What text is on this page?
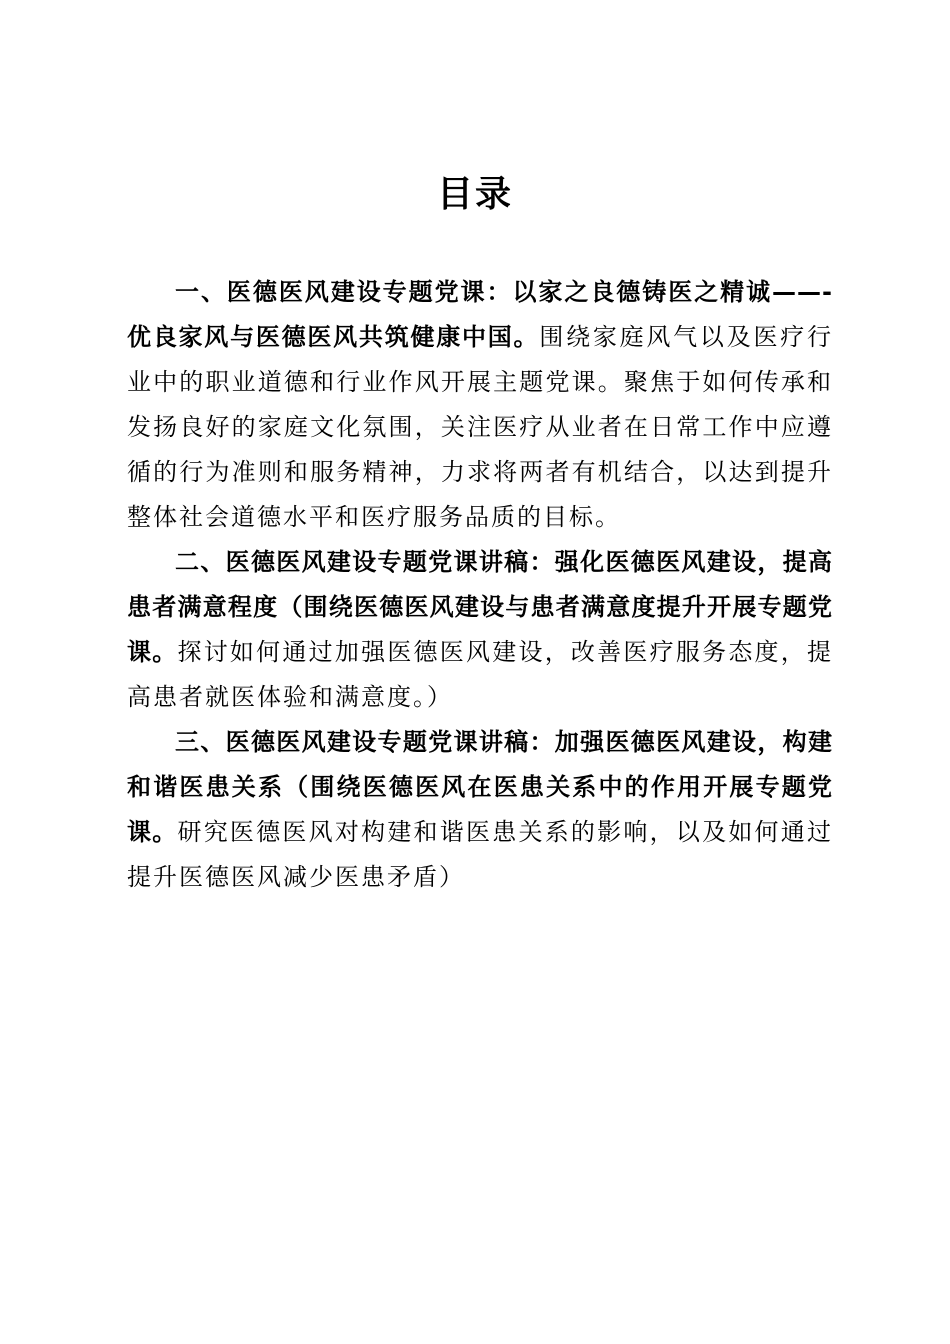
目录

一、医德医风建设专题党课：以家之良德铸医之精诚——-优良家风与医德医风共筑健康中国。围绕家庭风气以及医疗行业中的职业道德和行业作风开展主题党课。聚焦于如何传承和发扬良好的家庭文化氛围，关注医疗从业者在日常工作中应遵循的行为准则和服务精神，力求将两者有机结合，以达到提升整体社会道德水平和医疗服务品质的目标。

二、医德医风建设专题党课讲稿：强化医德医风建设，提高患者满意程度（围绕医德医风建设与患者满意度提升开展专题党课。探讨如何通过加强医德医风建设，改善医疗服务态度，提高患者就医体验和满意度。）

三、医德医风建设专题党课讲稿：加强医德医风建设，构建和谐医患关系（围绕医德医风在医患关系中的作用开展专题党课。研究医德医风对构建和谐医患关系的影响，以及如何通过提升医德医风减少医患矛盾）
